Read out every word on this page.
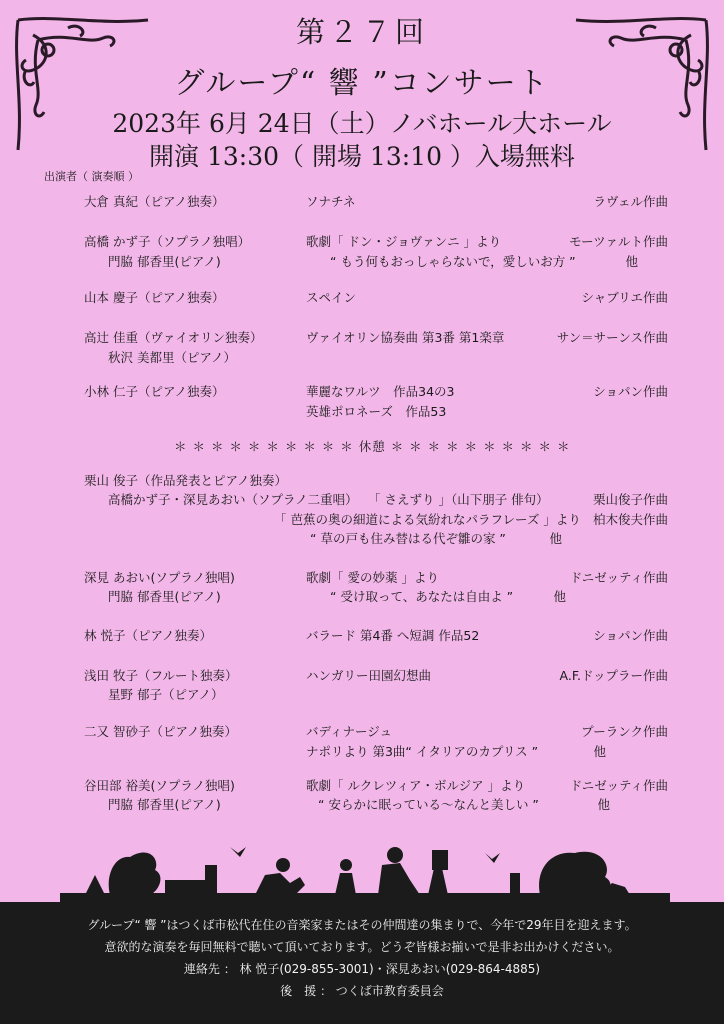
第２７回
グループ“ 響 ”コンサート
2023年 6月 24日（土）ノバホール大ホール
開演 13:30（ 開場 13:10 ）入場無料
出演者（ 演奏順 ）
大倉 真紀（ピアノ独奏）	ソナチネ	ラヴェル作曲
高橋 かず子（ソプラノ独唱）	歌劇「 ドン・ジョヴァンニ 」より	モーツァルト作曲
門脇 郁香里(ピアノ)	“ もう何もおっしゃらないで，愛しいお方 ”	他
山本 慶子（ピアノ独奏）	スペイン	シャブリエ作曲
高辻 佳重（ヴァイオリン独奏）	ヴァイオリン協奏曲 第3番 第1楽章	サン＝サーンス作曲
秋沢 美都里（ピアノ）
小林 仁子（ピアノ独奏）	華麗なワルツ　作品34の3	ショパン作曲
英雄ポロネーズ　作品53
＊ ＊ ＊ ＊ ＊ ＊ ＊ ＊ ＊ ＊ 休憩 ＊ ＊ ＊ ＊ ＊ ＊ ＊ ＊ ＊ ＊
栗山 俊子（作品発表とピアノ独奏）
高橋かず子・深見あおい（ソプラノ二重唱） 「 さえずり 」（山下朋子 俳句）	栗山俊子作曲
「 芭蕉の奥の細道による気紛れなパラフレーズ 」より 柏木俊夫作曲
“ 草の戸も住み替はる代ぞ雛の家 ”	他
深見 あおい(ソプラノ独唱)	歌劇「 愛の妙薬 」より	ドニゼッティ作曲
門脇 郁香里(ピアノ)	“ 受け取って、あなたは自由よ ”	他
林 悦子（ピアノ独奏）	バラード 第4番 へ短調 作品52	ショパン作曲
浅田 牧子（フルート独奏）	ハンガリー田園幻想曲	A.F.ドップラー作曲
星野 郁子（ピアノ）
二又 智砂子（ピアノ独奏）	バディナージュ	プーランク作曲
ナポリより 第3曲“ イタリアのカプリス ”	他
谷田部 裕美(ソプラノ独唱)	歌劇「 ルクレツィア・ボルジア 」より	ドニゼッティ作曲
門脇 郁香里(ピアノ)	“ 安らかに眠っている〜なんと美しい ”	他
グループ“ 響 ”はつくば市松代在住の音楽家またはその仲間達の集まりで、今年で29年目を迎えます。
意欲的な演奏を毎回無料で聴いて頂いております。どうぞ皆様お揃いで是非お出かけください。
連絡先 ： 林 悦子(029-855-3001)・深見あおい(029-864-4885)
後　援 ： つくば市教育委員会
